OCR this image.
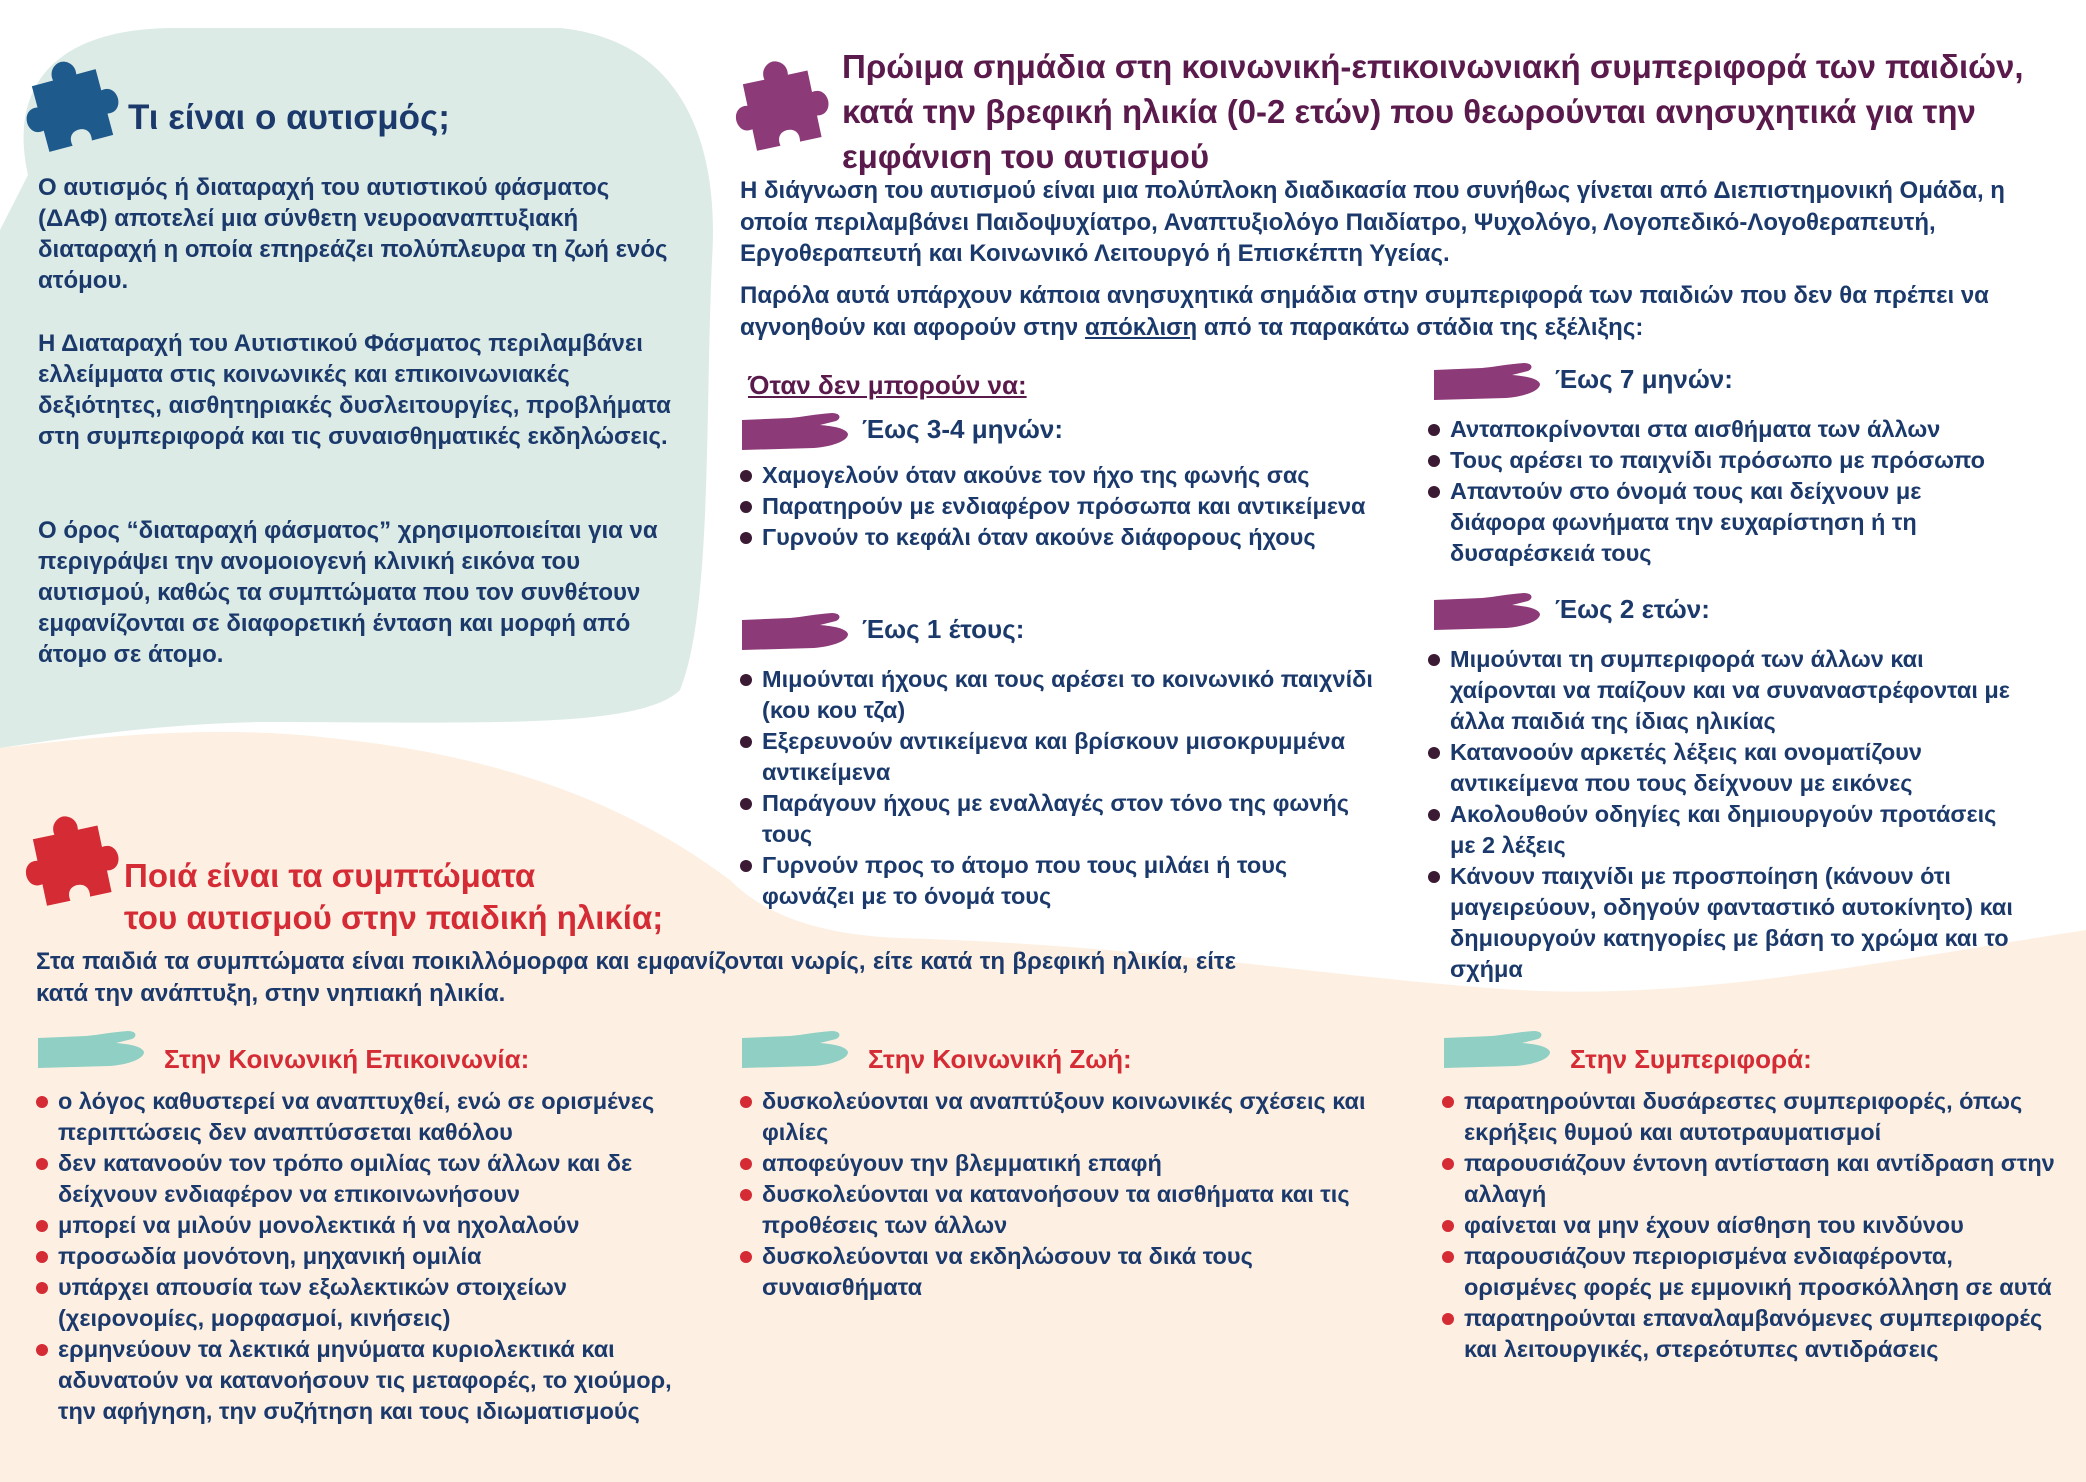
Τι είναι ο αυτισμός;
Ο αυτισμός ή διαταραχή του αυτιστικού φάσματος (ΔΑΦ) αποτελεί μια σύνθετη νευροαναπτυξιακή διαταραχή η οποία επηρεάζει πολύπλευρα τη ζωή ενός ατόμου.
Η Διαταραχή του Αυτιστικού Φάσματος περιλαμβάνει ελλείμματα στις κοινωνικές και επικοινωνιακές δεξιότητες, αισθητηριακές δυσλειτουργίες, προβλήματα στη συμπεριφορά και τις συναισθηματικές εκδηλώσεις.
Ο όρος “διαταραχή φάσματος” χρησιμοποιείται για να περιγράψει την ανομοιογενή κλινική εικόνα του αυτισμού, καθώς τα συμπτώματα που τον συνθέτουν εμφανίζονται σε διαφορετική ένταση και μορφή από άτομο σε άτομο.
Πρώιμα σημάδια στη κοινωνική-επικοινωνιακή συμπεριφορά των παιδιών, κατά την βρεφική ηλικία (0-2 ετών) που θεωρούνται ανησυχητικά για την εμφάνιση του αυτισμού
Η διάγνωση του αυτισμού είναι μια πολύπλοκη διαδικασία που συνήθως γίνεται από Διεπιστημονική Ομάδα, η οποία περιλαμβάνει Παιδοψυχίατρο, Αναπτυξιολόγο Παιδίατρο, Ψυχολόγο, Λογοπεδικό-Λογοθεραπευτή, Εργοθεραπευτή και Κοινωνικό Λειτουργό ή Επισκέπτη Υγείας.
Παρόλα αυτά υπάρχουν κάποια ανησυχητικά σημάδια στην συμπεριφορά των παιδιών που δεν θα πρέπει να αγνοηθούν και αφορούν στην απόκλιση από τα παρακάτω στάδια της εξέλιξης:
Όταν δεν μπορούν να:
Έως 3-4 μηνών:
Χαμογελούν όταν ακούνε τον ήχο της φωνής σας
Παρατηρούν με ενδιαφέρον πρόσωπα και αντικείμενα
Γυρνούν το κεφάλι όταν ακούνε διάφορους ήχους
Έως 1 έτους:
Μιμούνται ήχους και τους αρέσει το κοινωνικό παιχνίδι (κου κου τζα)
Εξερευνούν αντικείμενα και βρίσκουν μισοκρυμμένα αντικείμενα
Παράγουν ήχους με εναλλαγές στον τόνο της φωνής τους
Γυρνούν προς το άτομο που τους μιλάει ή τους φωνάζει με το όνομά τους
Έως 7 μηνών:
Ανταποκρίνονται στα αισθήματα των άλλων
Τους αρέσει το παιχνίδι πρόσωπο με πρόσωπο
Απαντούν στο όνομά τους και δείχνουν με διάφορα φωνήματα την ευχαρίστηση ή τη δυσαρέσκειά τους
Έως 2 ετών:
Μιμούνται τη συμπεριφορά των άλλων και χαίρονται να παίζουν και να συναναστρέφονται με άλλα παιδιά της ίδιας ηλικίας
Κατανοούν αρκετές λέξεις και ονοματίζουν αντικείμενα που τους δείχνουν με εικόνες
Ακολουθούν οδηγίες και δημιουργούν προτάσεις με 2 λέξεις
Κάνουν παιχνίδι με προσποίηση (κάνουν ότι μαγειρεύουν, οδηγούν φανταστικό αυτοκίνητο) και δημιουργούν κατηγορίες με βάση το χρώμα και το σχήμα
Ποιά είναι τα συμπτώματα
του αυτισμού στην παιδική ηλικία;
Στα παιδιά τα συμπτώματα είναι ποικιλλόμορφα και εμφανίζονται νωρίς, είτε κατά τη βρεφική ηλικία, είτε κατά την ανάπτυξη, στην νηπιακή ηλικία.
Στην Κοινωνική Επικοινωνία:
ο λόγος καθυστερεί να αναπτυχθεί, ενώ σε ορισμένες περιπτώσεις δεν αναπτύσσεται καθόλου
δεν κατανοούν τον τρόπο ομιλίας των άλλων και δε δείχνουν ενδιαφέρον να επικοινωνήσουν
μπορεί να μιλούν μονολεκτικά ή να ηχολαλούν
προσωδία μονότονη, μηχανική ομιλία
υπάρχει απουσία των εξωλεκτικών στοιχείων (χειρονομίες, μορφασμοί, κινήσεις)
ερμηνεύουν τα λεκτικά μηνύματα κυριολεκτικά και αδυνατούν να κατανοήσουν τις μεταφορές, το χιούμορ, την αφήγηση, την συζήτηση και τους ιδιωματισμούς
Στην Κοινωνική Ζωή:
δυσκολεύονται να αναπτύξουν κοινωνικές σχέσεις και φιλίες
αποφεύγουν την βλεμματική επαφή
δυσκολεύονται να κατανοήσουν τα αισθήματα και τις προθέσεις των άλλων
δυσκολεύονται να εκδηλώσουν τα δικά τους συναισθήματα
Στην Συμπεριφορά:
παρατηρούνται δυσάρεστες συμπεριφορές, όπως εκρήξεις θυμού και αυτοτραυματισμοί
παρουσιάζουν έντονη αντίσταση και αντίδραση στην αλλαγή
φαίνεται να μην έχουν αίσθηση του κινδύνου
παρουσιάζουν περιορισμένα ενδιαφέροντα, ορισμένες φορές με εμμονική προσκόλληση σε αυτά
παρατηρούνται επαναλαμβανόμενες συμπεριφορές και λειτουργικές, στερεότυπες αντιδράσεις
